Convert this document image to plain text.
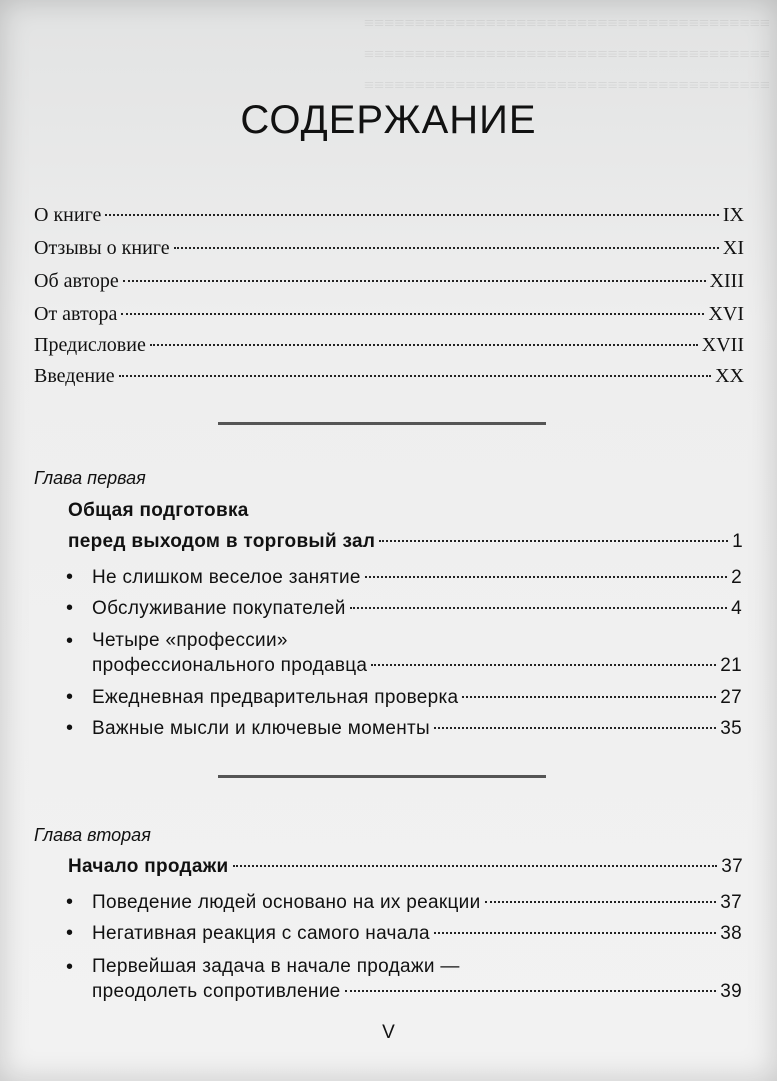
≡≡≡≡≡≡≡≡≡≡≡≡≡≡≡≡≡≡≡≡≡≡≡≡≡≡≡≡≡≡≡≡≡≡≡≡≡≡≡≡
≡≡≡≡≡≡≡≡≡≡≡≡≡≡≡≡≡≡≡≡≡≡≡≡≡≡≡≡≡≡≡≡≡≡≡≡≡≡≡≡
≡≡≡≡≡≡≡≡≡≡≡≡≡≡≡≡≡≡≡≡≡≡≡≡≡≡≡≡≡≡≡≡≡≡≡≡≡≡≡≡
СОДЕРЖАНИЕ
О книге	IX
Отзывы о книге	XI
Об авторе	XIII
От автора	XVI
Предисловие	XVII
Введение	XX
Глава первая
Общая подготовка
перед выходом в торговый зал	1
• Не слишком веселое занятие	2
• Обслуживание покупателей	4
• Четыре «профессии»
профессионального продавца	21
• Ежедневная предварительная проверка	27
• Важные мысли и ключевые моменты	35
Глава вторая
Начало продажи	37
• Поведение людей основано на их реакции	37
• Негативная реакция с самого начала	38
• Первейшая задача в начале продажи —
преодолеть сопротивление	39
V
